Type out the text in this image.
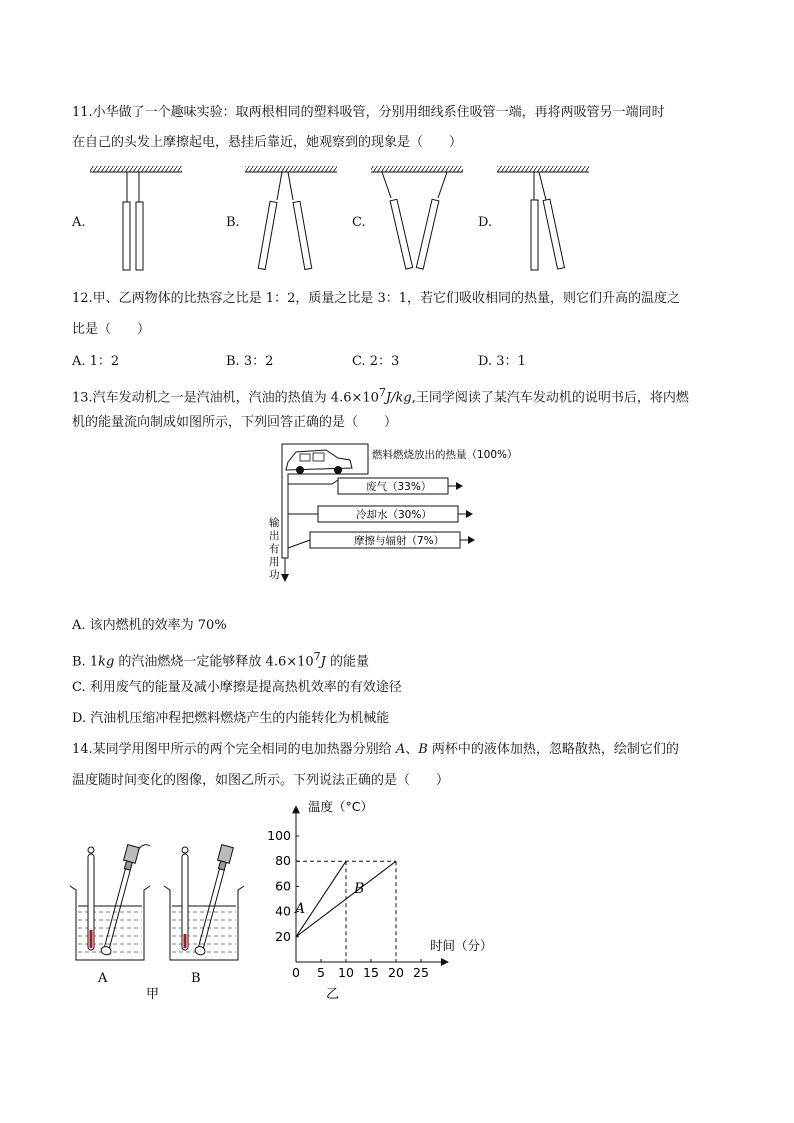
11.小华做了一个趣味实验：取两根相同的塑料吸管，分别用细线系住吸管一端，再将两吸管另一端同时
在自己的头发上摩擦起电，悬挂后靠近，她观察到的现象是（　　）
A.	B.	C.	D.
12.甲、乙两物体的比热容之比是 1：2，质量之比是 3：1，若它们吸收相同的热量，则它们升高的温度之
比是（　　）
A. 1：2	B. 3：2	C. 2：3	D. 3：1
13.汽车发动机之一是汽油机，汽油的热值为 $4.6\times 10^7J/kg$,王同学阅读了某汽车发动机的说明书后，将内燃
机的能量流向制成如图所示，下列回答正确的是（　　）
燃料燃烧放出的热量（100%）
废气（33%）
冷却水（30%）
摩擦与辐射（7%）
输
出
有
用
功
A. 该内燃机的效率为 70%
B. 1kg 的汽油燃烧一定能够释放 $4.6\times 10^7J$ 的能量
C. 利用废气的能量及减小摩擦是提高热机效率的有效途径
D. 汽油机压缩冲程把燃料燃烧产生的内能转化为机械能
14.某同学用图甲所示的两个完全相同的电加热器分别给 A、B 两杯中的液体加热，忽略散热，绘制它们的
温度随时间变化的图像，如图乙所示。下列说法正确的是（　　）
A	B
甲
A
B
20
40
60
80
100
0 5 10 15 20 25
温度（°C）
时间（分）
乙
